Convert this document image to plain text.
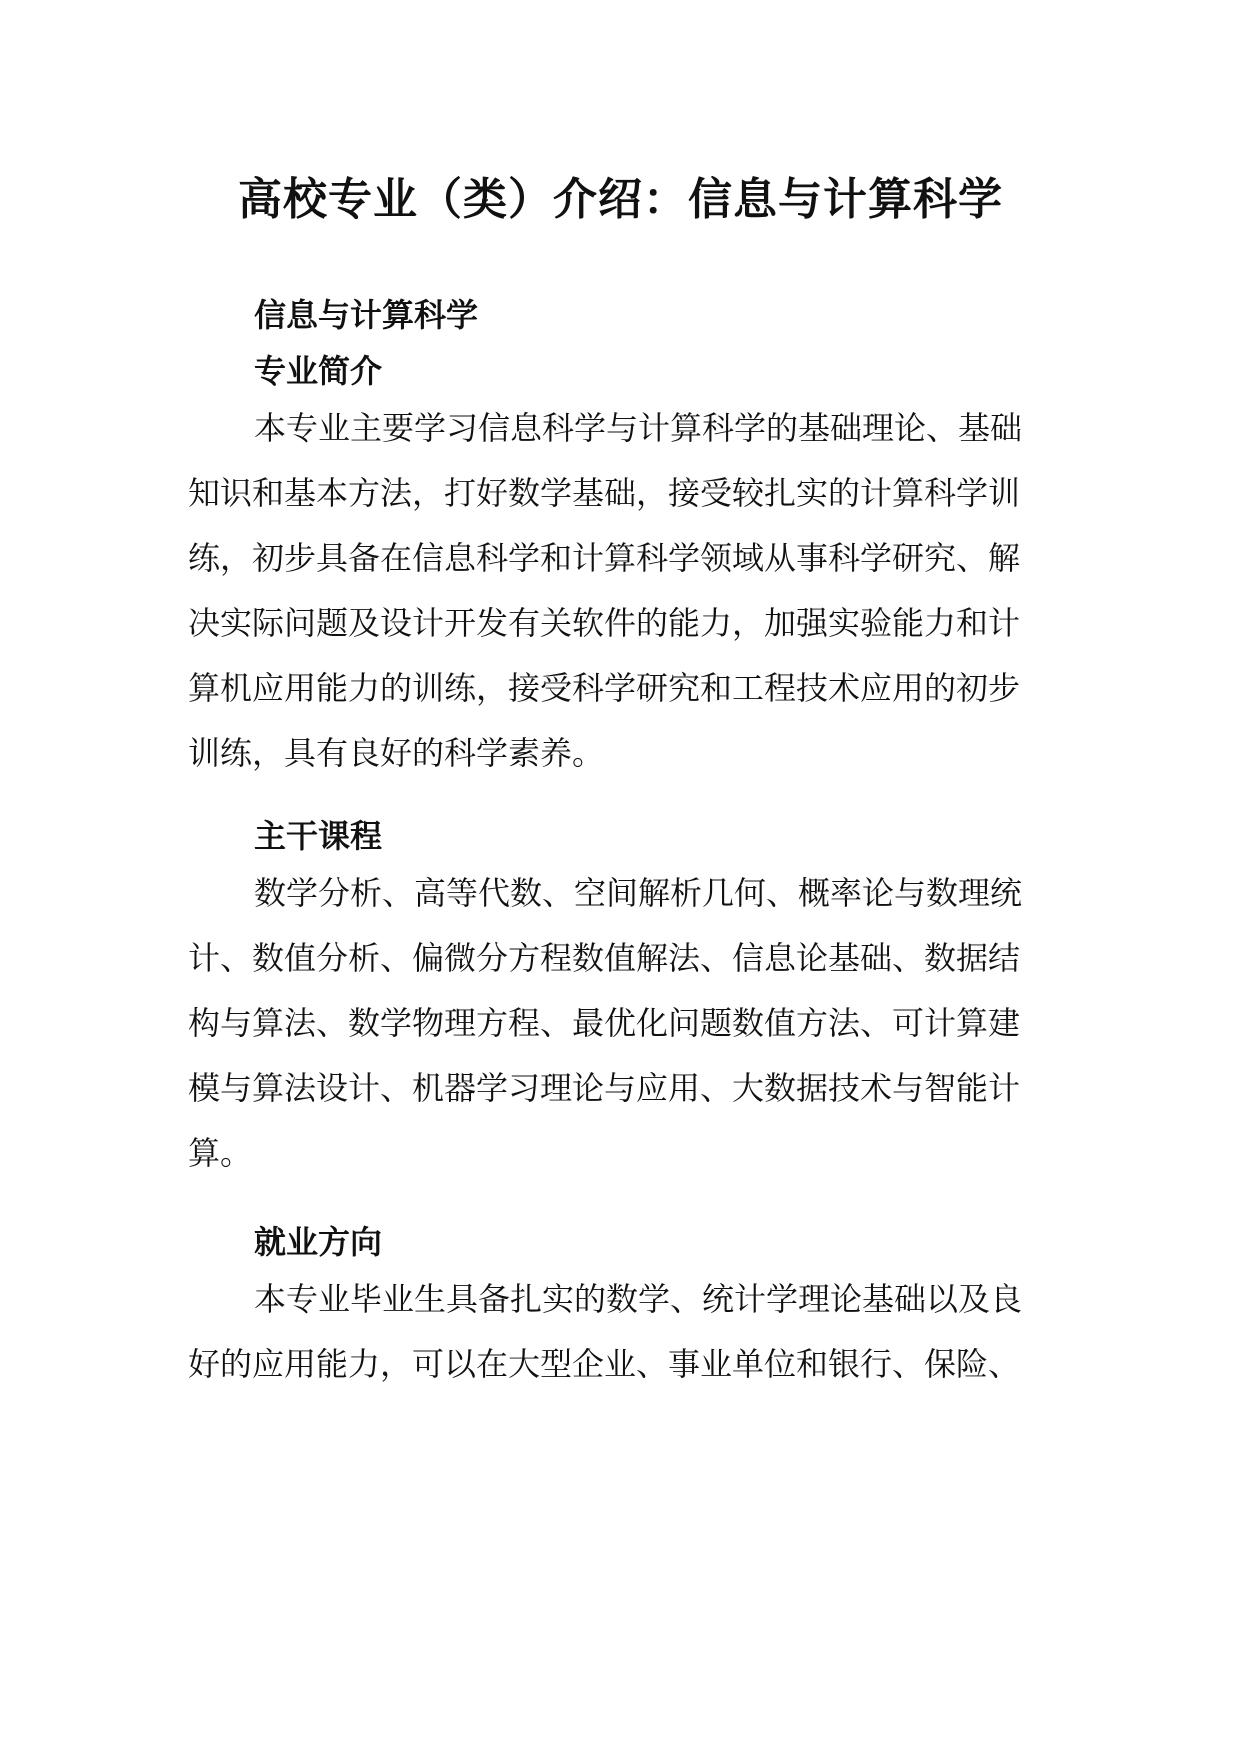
高校专业（类）介绍：信息与计算科学
信息与计算科学
专业简介
本专业主要学习信息科学与计算科学的基础理论、基础
知识和基本方法，打好数学基础，接受较扎实的计算科学训
练，初步具备在信息科学和计算科学领域从事科学研究、解
决实际问题及设计开发有关软件的能力，加强实验能力和计
算机应用能力的训练，接受科学研究和工程技术应用的初步
训练，具有良好的科学素养。
主干课程
数学分析、高等代数、空间解析几何、概率论与数理统
计、数值分析、偏微分方程数值解法、信息论基础、数据结
构与算法、数学物理方程、最优化问题数值方法、可计算建
模与算法设计、机器学习理论与应用、大数据技术与智能计
算。
就业方向
本专业毕业生具备扎实的数学、统计学理论基础以及良
好的应用能力，可以在大型企业、事业单位和银行、保险、
